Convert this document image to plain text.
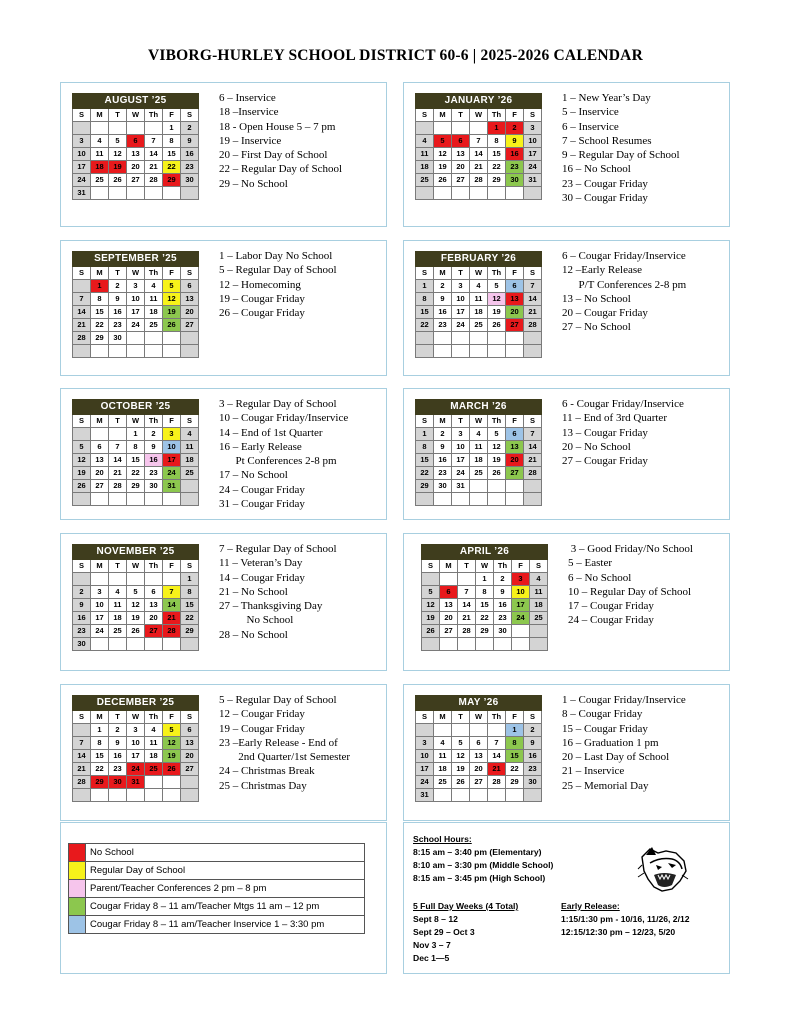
VIBORG-HURLEY SCHOOL DISTRICT 60-6 | 2025-2026 CALENDAR
AUGUST ’25						
S	M	T	W	Th	F	S
					1	2
3	4	5	6	7	8	9
10	11	12	13	14	15	16
17	18	19	20	21	22	23
24	25	26	27	28	29	30
31						
6 – Inservice
18 –Inservice
18 - Open House 5 – 7 pm
19 – Inservice
20 – First Day of School
22 – Regular Day of School
29 – No School
JANUARY ’26						
S	M	T	W	Th	F	S
				1	2	3
4	5	6	7	8	9	10
11	12	13	14	15	16	17
18	19	20	21	22	23	24
25	26	27	28	29	30	31

1 – New Year’s Day
5 – Inservice
6 – Inservice
7 – School Resumes
9 – Regular Day of School
16 – No School
23 – Cougar Friday
30 – Cougar Friday
SEPTEMBER ’25						
S	M	T	W	Th	F	S
	1	2	3	4	5	6
7	8	9	10	11	12	13
14	15	16	17	18	19	20
21	22	23	24	25	26	27
28	29	30				

1 – Labor Day No School
5 – Regular Day of School
12 – Homecoming
19 – Cougar Friday
26 – Cougar Friday
FEBRUARY ’26						
S	M	T	W	Th	F	S
1	2	3	4	5	6	7
8	9	10	11	12	13	14
15	16	17	18	19	20	21
22	23	24	25	26	27	28

6 – Cougar Friday/Inservice
12 –Early Release
P/T Conferences 2-8 pm
13 – No School
20 – Cougar Friday
27 – No School
OCTOBER ’25						
S	M	T	W	Th	F	S
			1	2	3	4
5	6	7	8	9	10	11
12	13	14	15	16	17	18
19	20	21	22	23	24	25
26	27	28	29	30	31	

3 – Regular Day of School
10 – Cougar Friday/Inservice
14 – End of 1st Quarter
16 – Early Release
Pt Conferences 2-8 pm
17 – No School
24 – Cougar Friday
31 – Cougar Friday
MARCH ’26						
S	M	T	W	Th	F	S
1	2	3	4	5	6	7
8	9	10	11	12	13	14
15	16	17	18	19	20	21
22	23	24	25	26	27	28
29	30	31				

6 - Cougar Friday/Inservice
11 – End of 3rd Quarter
13 – Cougar Friday
20 – No School
27 – Cougar Friday
NOVEMBER ’25						
S	M	T	W	Th	F	S
						1
2	3	4	5	6	7	8
9	10	11	12	13	14	15
16	17	18	19	20	21	22
23	24	25	26	27	28	29
30						
7 – Regular Day of School
11 – Veteran’s Day
14 – Cougar Friday
21 – No School
27 – Thanksgiving Day
No School
28 – No School
APRIL ’26						
S	M	T	W	Th	F	S
			1	2	3	4
5	6	7	8	9	10	11
12	13	14	15	16	17	18
19	20	21	22	23	24	25
26	27	28	29	30		

3 – Good Friday/No School
5 – Easter
6 – No School
10 – Regular Day of School
17 – Cougar Friday
24 – Cougar Friday
DECEMBER ’25						
S	M	T	W	Th	F	S
	1	2	3	4	5	6
7	8	9	10	11	12	13
14	15	16	17	18	19	20
21	22	23	24	25	26	27
28	29	30	31			

5 – Regular Day of School
12 – Cougar Friday
19 – Cougar Friday
23 –Early Release - End of
2nd Quarter/1st Semester
24 – Christmas Break
25 – Christmas Day
MAY ’26						
S	M	T	W	Th	F	S
					1	2
3	4	5	6	7	8	9
10	11	12	13	14	15	16
17	18	19	20	21	22	23
24	25	26	27	28	29	30
31						
1 – Cougar Friday/Inservice
8 – Cougar Friday
15 – Cougar Friday
16 – Graduation 1 pm
20 – Last Day of School
21 – Inservice
25 – Memorial Day
	No School
	Regular Day of School
	Parent/Teacher Conferences 2 pm – 8 pm
	Cougar Friday 8 – 11 am/Teacher Mtgs 11 am – 12 pm
	Cougar Friday 8 – 11 am/Teacher Inservice 1 – 3:30 pm
School Hours:
8:15 am – 3:40 pm (Elementary)
8:10 am – 3:30 pm (Middle School)
8:15 am – 3:45 pm (High School)
5 Full Day Weeks (4 Total)
Sept 8 – 12
Sept 29 – Oct 3
Nov 3 – 7
Dec 1—5
Early Release:
1:15/1:30 pm - 10/16, 11/26, 2/12
12:15/12:30 pm – 12/23, 5/20
